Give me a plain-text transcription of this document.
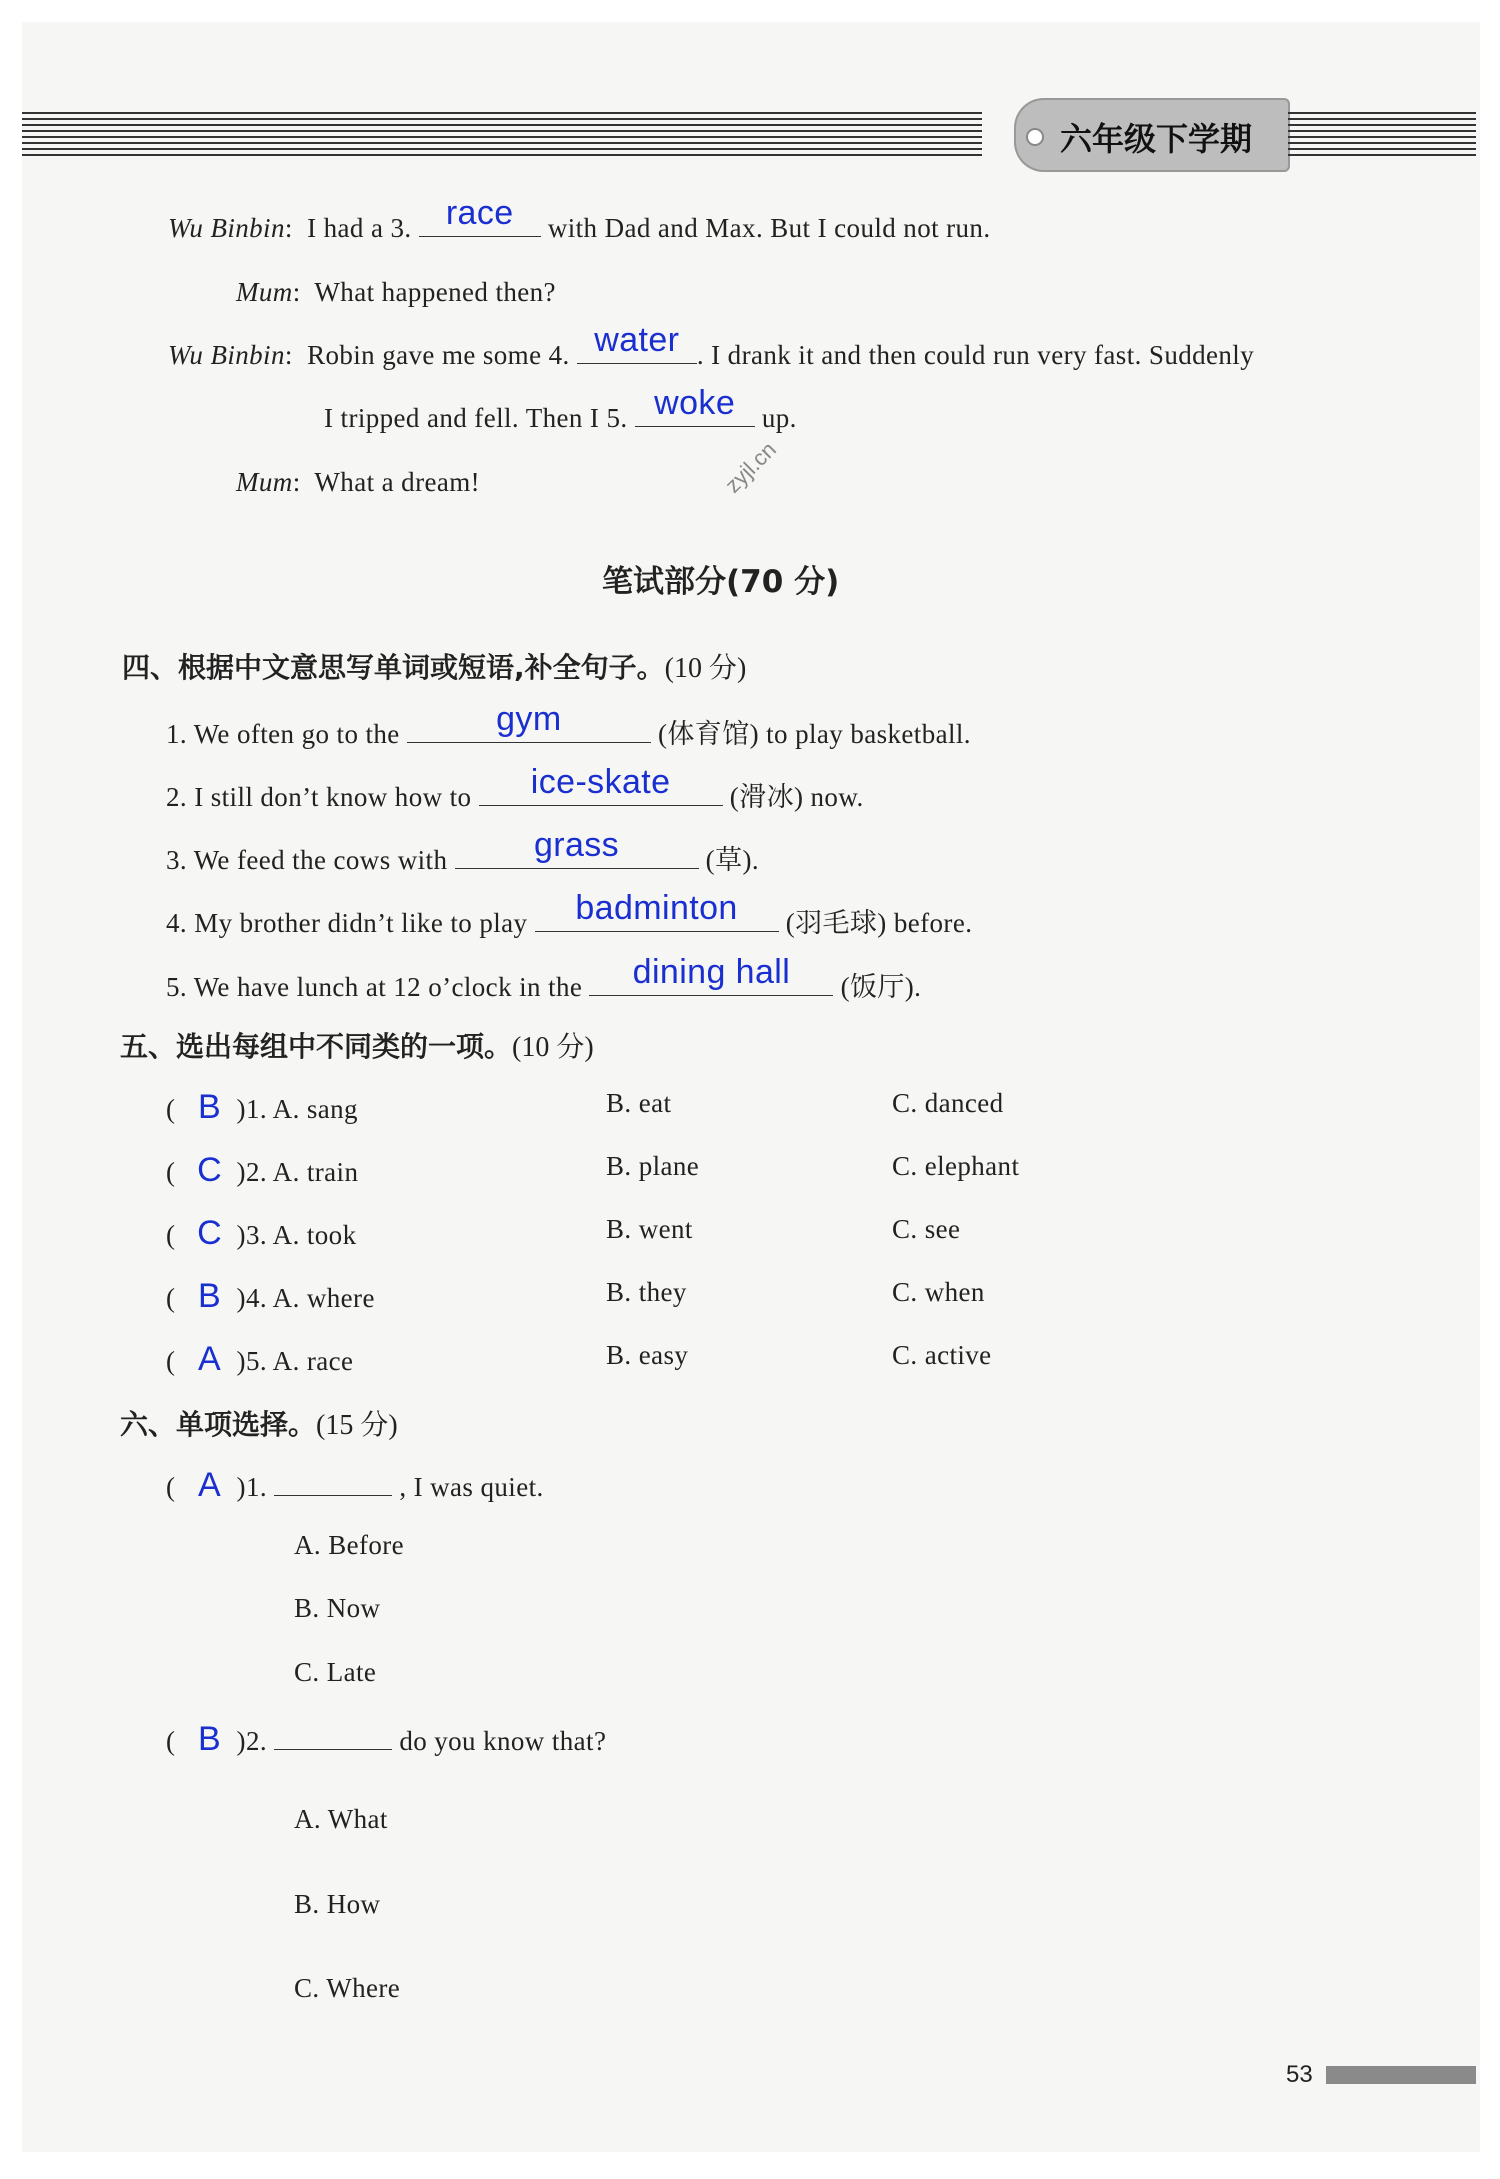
六年级下学期
Wu Binbin:  I had a 3.	race	with Dad and Max. But I could not run.
Mum:  What happened then?
Wu Binbin:  Robin gave me some 4. water . I drank it and then could run very fast. Suddenly
I tripped and fell. Then I 5. woke up.
Mum:  What a dream!	zyjl.cn
笔试部分(70 分)
四、根据中文意思写单词或短语,补全句子。(10 分)
1. We often go to the	gym	(体育馆) to play basketball.
2. I still don’t know how to	ice-skate	(滑冰) now.
3. We feed the cows with	grass	(草).
4. My brother didn’t like to play	badminton	(羽毛球) before.
5. We have lunch at 12 o’clock in the	dining hall	(饭厅).
五、选出每组中不同类的一项。(10 分)
( B )1. A. sang	B. eat	C. danced
( C )2. A. train	B. plane	C. elephant
( C )3. A. took	B. went	C. see
( B )4. A. where	B. they	C. when
( A )5. A. race	B. easy	C. active
六、单项选择。(15 分)
( A )1.	, I was quiet.
A. Before
B. Now
C. Late
( B )2.	do you know that?
A. What
B. How
C. Where
53
